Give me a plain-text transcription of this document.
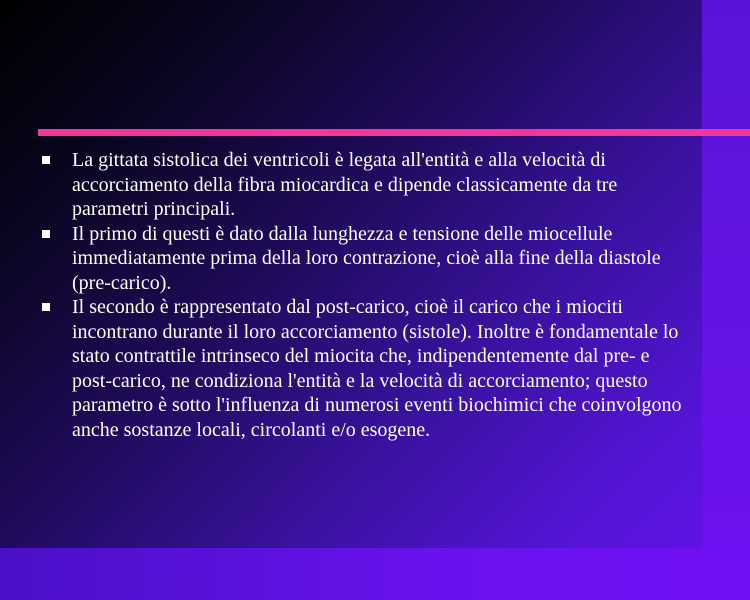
La gittata sistolica dei ventricoli è legata all'entità e alla velocità di accorciamento della fibra miocardica e dipende classicamente da tre parametri principali.
Il primo di questi è dato dalla lunghezza e tensione delle miocellule immediatamente prima della loro contrazione, cioè alla fine della diastole (pre-carico).
Il secondo è rappresentato dal post-carico, cioè il carico che i miociti incontrano durante il loro accorciamento (sistole). Inoltre è fondamentale lo stato contrattile intrinseco del miocita che, indipendentemente dal pre- e post-carico, ne condiziona l'entità e la velocità di accorciamento; questo parametro è sotto l'influenza di numerosi eventi biochimici che coinvolgono anche sostanze locali, circolanti e/o esogene.
